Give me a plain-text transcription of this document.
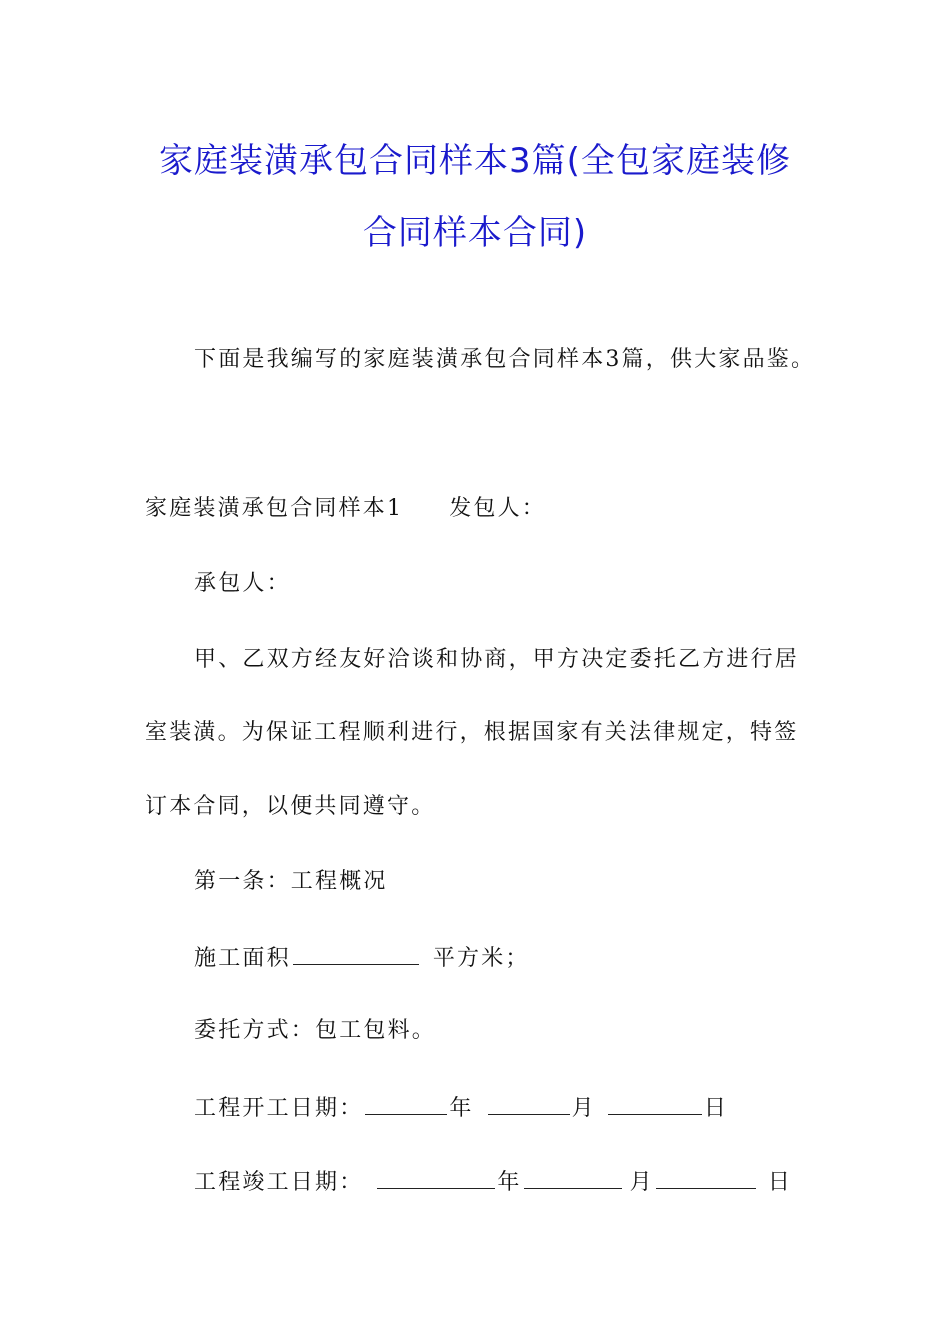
家庭装潢承包合同样本3篇(全包家庭装修
合同样本合同)
下面是我编写的家庭装潢承包合同样本3篇，供大家品鉴。
家庭装潢承包合同样本1 发包人：
承包人：
甲、乙双方经友好洽谈和协商，甲方决定委托乙方进行居
室装潢。为保证工程顺利进行，根据国家有关法律规定，特签
订本合同，以便共同遵守。
第一条：工程概况
施工面积	平方米；
委托方式：包工包料。
工程开工日期：	年	月	日
工程竣工日期：	年	月	日
